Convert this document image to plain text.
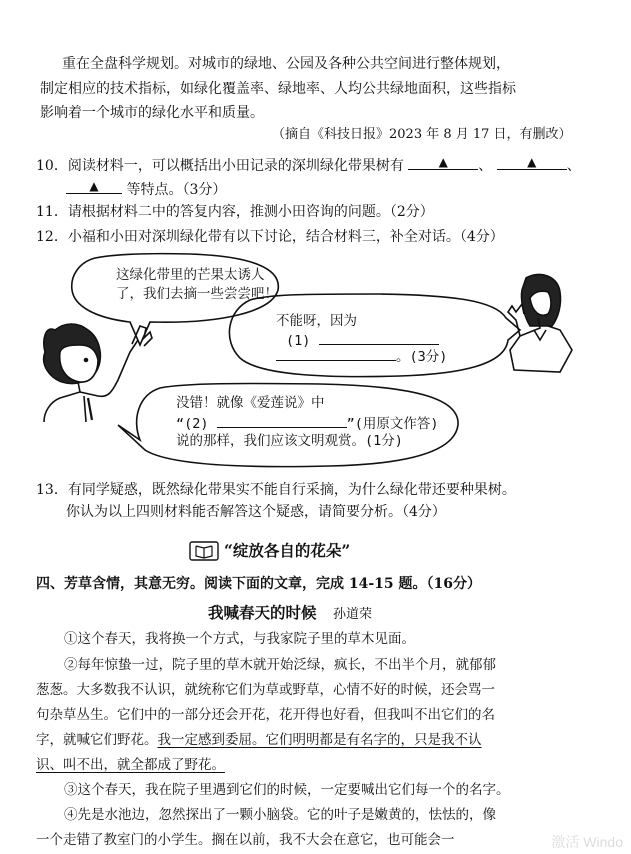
重在全盘科学规划。对城市的绿地、公园及各种公共空间进行整体规划，
制定相应的技术指标，如绿化覆盖率、绿地率、人均公共绿地面积，这些指标
影响着一个城市的绿化水平和质量。
（摘自《科技日报》2023 年 8 月 17 日，有删改）
10．阅读材料一，可以概括出小田记录的深圳绿化带果树有	▲ 、	▲ 、
▲ 等特点。（3分）
11．请根据材料二中的答复内容，推测小田咨询的问题。（2分）
12．小福和小田对深圳绿化带有以下讨论，结合材料三，补全对话。（4分）
这绿化带里的芒果太诱人
了，我们去摘一些尝尝吧！
不能呀，因为
(1)
。(3分)
没错！就像《爱莲说》中
“(2)	”(用原文作答)
说的那样，我们应该文明观赏。(1分)
13．有同学疑惑，既然绿化带果实不能自行采摘，为什么绿化带还要种果树。
你认为以上四则材料能否解答这个疑惑，请简要分析。（4分）
“绽放各自的花朵”
四、芳草含情，其意无穷。阅读下面的文章，完成 14-15 题。（16分）
我喊春天的时候 孙道荣
①这个春天，我将换一个方式，与我家院子里的草木见面。
②每年惊蛰一过，院子里的草木就开始泛绿，疯长，不出半个月，就郁郁
葱葱。大多数我不认识，就统称它们为草或野草，心情不好的时候，还会骂一
句杂草丛生。它们中的一部分还会开花，花开得也好看，但我叫不出它们的名
字，就喊它们野花。我一定感到委屈。它们明明都是有名字的，只是我不认
识、叫不出，就全都成了野花。
③这个春天，我在院子里遇到它们的时候，一定要喊出它们每一个的名字。
④先是水池边，忽然探出了一颗小脑袋。它的叶子是嫩黄的，怯怯的，像
一个走错了教室门的小学生。搁在以前，我不大会在意它，也可能会一	激活 Windo
